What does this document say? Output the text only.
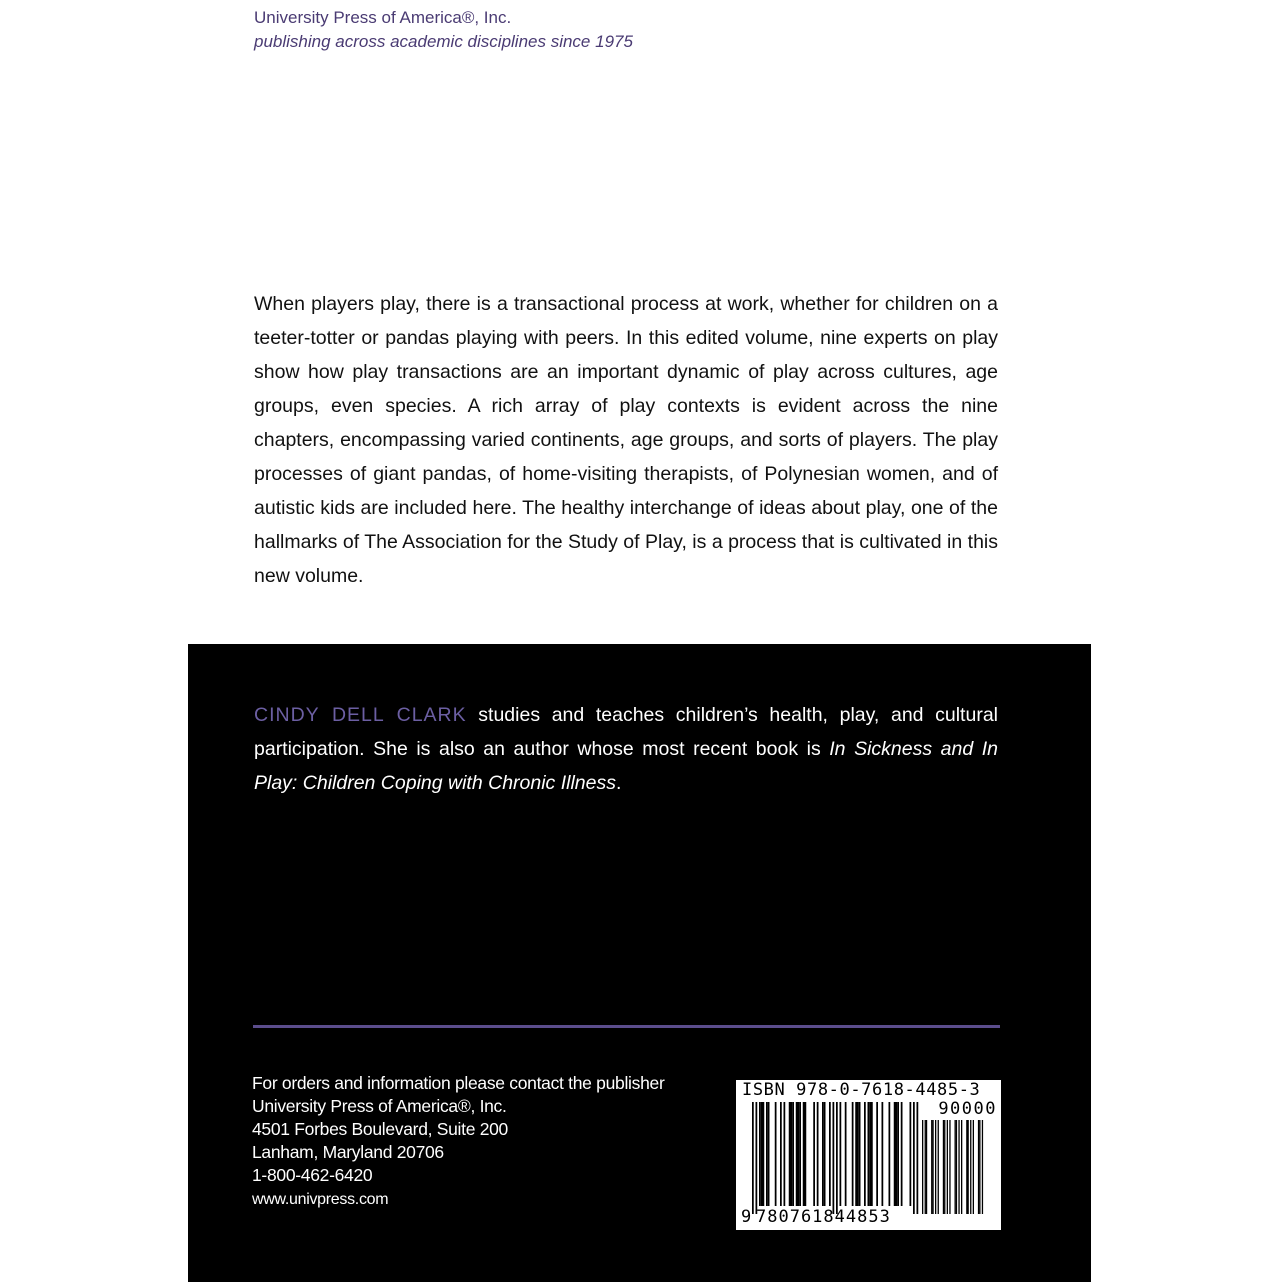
University Press of America®, Inc.
publishing across academic disciplines since 1975

When players play, there is a transactional process at work, whether for children on a teeter-totter or pandas playing with peers. In this edited volume, nine experts on play show how play transactions are an important dynamic of play across cultures, age groups, even species. A rich array of play contexts is evident across the nine chapters, encompassing varied continents, age groups, and sorts of players. The play processes of giant pandas, of home-visiting therapists, of Polynesian women, and of autistic kids are included here. The healthy interchange of ideas about play, one of the hallmarks of The Association for the Study of Play, is a process that is cultivated in this new volume.

CINDY DELL CLARK studies and teaches children’s health, play, and cultural participation. She is also an author whose most recent book is In Sickness and In Play: Children Coping with Chronic Illness.

For orders and information please contact the publisher
University Press of America®, Inc.
4501 Forbes Boulevard, Suite 200
Lanham, Maryland 20706
1-800-462-6420
www.univpress.com
ISBN 978-0-7618-4485-3
90000
9 780761844853
